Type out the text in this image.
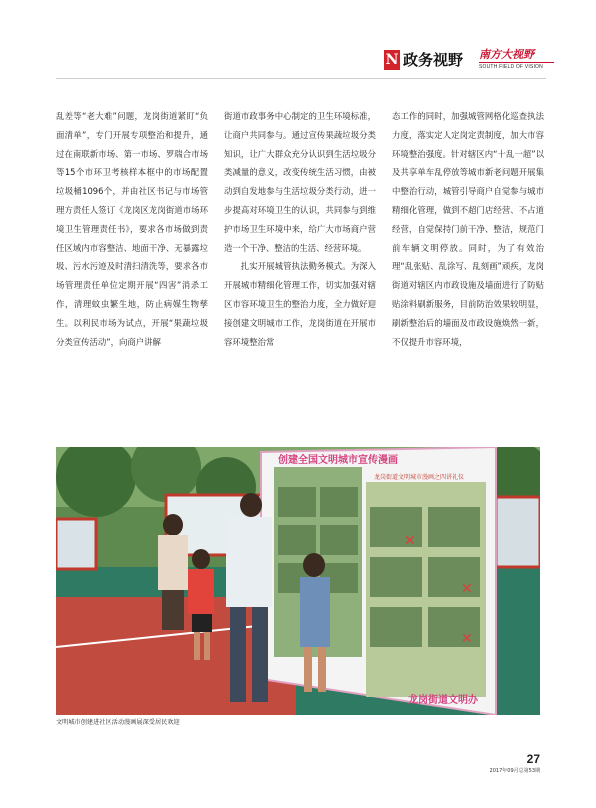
N 政务视野 南方大视野
SOUTH FIELD OF VISION

乱差等“老大难”问题，龙岗街道紧盯“负面清单”，专门开展专项整治和提升，通过在南联新市场、第一市场、罗瑞合市场等15个市环卫考核样本框中的市场配置垃圾桶1096个，并由社区书记与市场管理方责任人签订《龙岗区龙岗街道市场环境卫生管理责任书》，要求各市场做到责任区域内市容整洁、地面干净、无暴露垃圾、污水污迹及时清扫清洗等，要求各市场管理责任单位定期开展“四害”消杀工作，清理蚊虫繁生地，防止病媒生物孳生。以利民市场为试点，开展“果蔬垃圾分类宣传活动”，向商户讲解

街道市政事务中心制定的卫生环境标准，让商户共同参与。通过宣传果蔬垃圾分类知识，让广大群众充分认识到生活垃圾分类减量的意义，改变传统生活习惯，由被动到自发地参与生活垃圾分类行动，进一步提高对环境卫生的认识，共同参与到维护市场卫生环境中来，给广大市场商户营造一个干净、整洁的生活、经营环境。

扎实开展城管执法勤务模式。为深入开展城市精细化管理工作，切实加强对辖区市容环境卫生的整治力度，全力做好迎接创建文明城市工作，龙岗街道在开展市容环境整治常

态工作的同时，加强城管网格化巡查执法力度，落实定人定岗定责制度，加大市容环境整治强度。针对辖区内“十乱一超”以及共享单车乱停放等城市新老问题开展集中整治行动，城管引导商户自觉参与城市精细化管理，做到不超门店经营、不占道经营，自觉保持门前干净、整洁，规范门前车辆文明停放。同时，为了有效治理“乱张贴、乱涂写、乱刻画”顽疾，龙岗街道对辖区内市政设施及墙面进行了防贴贴涂料刷新服务，目前防治效果较明显，刷新整治后的墙面及市政设施焕然一新，不仅提升市容环境，

✕
✕
✕
创建全国文明城市宣传漫画
龙岗街道文明城市漫画之四讲礼仪
龙岗街道文明办
文明城市创建进社区活动漫画展深受居民欢迎
27
2017年09月总第53期
